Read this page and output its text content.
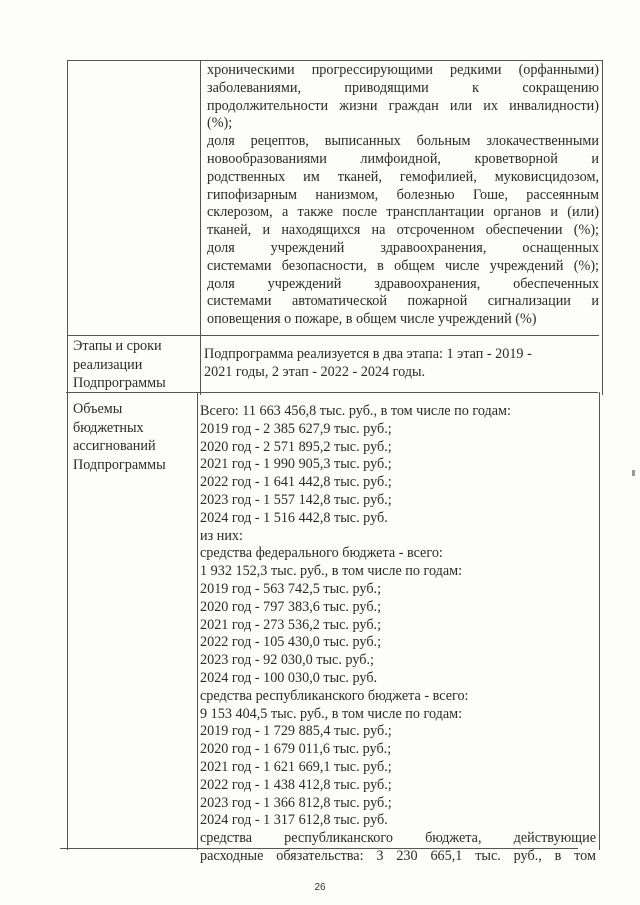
хроническими прогрессирующими редкими (орфанными)
заболеваниями, приводящими к сокращению
продолжительности жизни граждан или их инвалидности)
(%);
доля рецептов, выписанных больным злокачественными
новообразованиями лимфоидной, кроветворной и
родственных им тканей, гемофилией, муковисцидозом,
гипофизарным нанизмом, болезнью Гоше, рассеянным
склерозом, а также после трансплантации органов и (или)
тканей, и находящихся на отсроченном обеспечении (%);
доля учреждений здравоохранения, оснащенных
системами безопасности, в общем числе учреждений (%);
доля учреждений здравоохранения, обеспеченных
системами автоматической пожарной сигнализации и
оповещения о пожаре, в общем числе учреждений (%)
Этапы и сроки
реализации
Подпрограммы
Подпрограмма реализуется в два этапа: 1 этап - 2019 -
2021 годы, 2 этап - 2022 - 2024 годы.
Объемы
бюджетных
ассигнований
Подпрограммы
Всего: 11 663 456,8 тыс. руб., в том числе по годам:
2019 год - 2 385 627,9 тыс. руб.;
2020 год - 2 571 895,2 тыс. руб.;
2021 год - 1 990 905,3 тыс. руб.;
2022 год - 1 641 442,8 тыс. руб.;
2023 год - 1 557 142,8 тыс. руб.;
2024 год - 1 516 442,8 тыс. руб.
из них:
средства федерального бюджета - всего:
1 932 152,3 тыс. руб., в том числе по годам:
2019 год - 563 742,5 тыс. руб.;
2020 год - 797 383,6 тыс. руб.;
2021 год - 273 536,2 тыс. руб.;
2022 год - 105 430,0 тыс. руб.;
2023 год - 92 030,0 тыс. руб.;
2024 год - 100 030,0 тыс. руб.
средства республиканского бюджета - всего:
9 153 404,5 тыс. руб., в том числе по годам:
2019 год - 1 729 885,4 тыс. руб.;
2020 год - 1 679 011,6 тыс. руб.;
2021 год - 1 621 669,1 тыс. руб.;
2022 год - 1 438 412,8 тыс. руб.;
2023 год - 1 366 812,8 тыс. руб.;
2024 год - 1 317 612,8 тыс. руб.
средства республиканского бюджета, действующие
расходные обязательства: 3 230 665,1 тыс. руб., в том
26
